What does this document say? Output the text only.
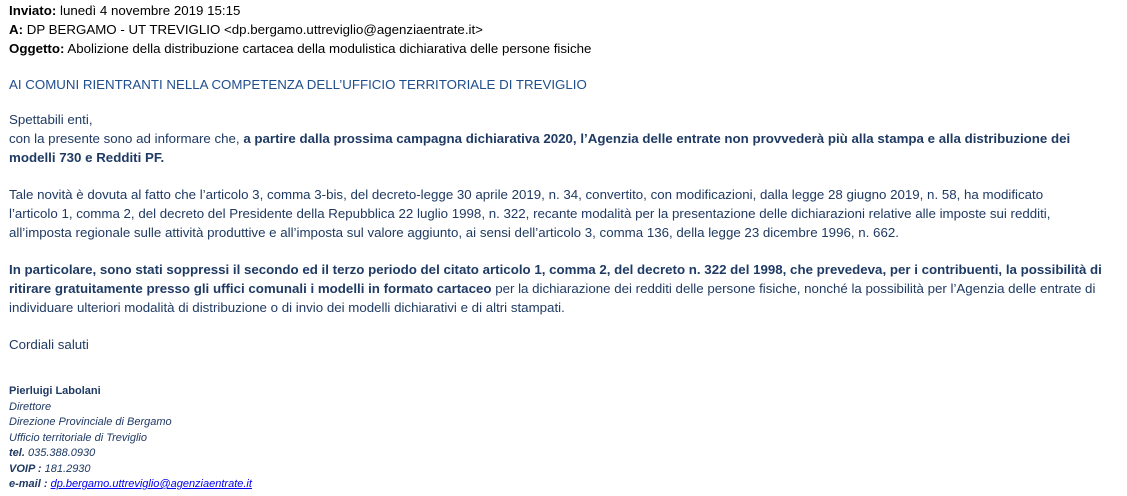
Inviato: lunedì 4 novembre 2019 15:15
A: DP BERGAMO - UT TREVIGLIO <dp.bergamo.uttreviglio@agenziaentrate.it>
Oggetto: Abolizione della distribuzione cartacea della modulistica dichiarativa delle persone fisiche
AI COMUNI RIENTRANTI NELLA COMPETENZA DELL’UFFICIO TERRITORIALE DI TREVIGLIO

Spettabili enti,

con la presente sono ad informare che, a partire dalla prossima campagna dichiarativa 2020, l’Agenzia delle entrate non provvederà più alla stampa e alla distribuzione dei modelli 730 e Redditi PF.

Tale novità è dovuta al fatto che l’articolo 3, comma 3-bis, del decreto-legge 30 aprile 2019, n. 34, convertito, con modificazioni, dalla legge 28 giugno 2019, n. 58, ha modificato
l’articolo 1, comma 2, del decreto del Presidente della Repubblica 22 luglio 1998, n. 322, recante modalità per la presentazione delle dichiarazioni relative alle imposte sui redditi,
all’imposta regionale sulle attività produttive e all’imposta sul valore aggiunto, ai sensi dell’articolo 3, comma 136, della legge 23 dicembre 1996, n. 662.

In particolare, sono stati soppressi il secondo ed il terzo periodo del citato articolo 1, comma 2, del decreto n. 322 del 1998, che prevedeva, per i contribuenti, la possibilità di ritirare gratuitamente presso gli uffici comunali i modelli in formato cartaceo per la dichiarazione dei redditi delle persone fisiche, nonché la possibilità per l’Agenzia delle entrate di individuare ulteriori modalità di distribuzione o di invio dei modelli dichiarativi e di altri stampati.

Cordiali saluti

Pierluigi Labolani
Direttore
Direzione Provinciale di Bergamo
Ufficio territoriale di Treviglio
tel. 035.388.0930
VOIP : 181.2930
e-mail : dp.bergamo.uttreviglio@agenziaentrate.it
